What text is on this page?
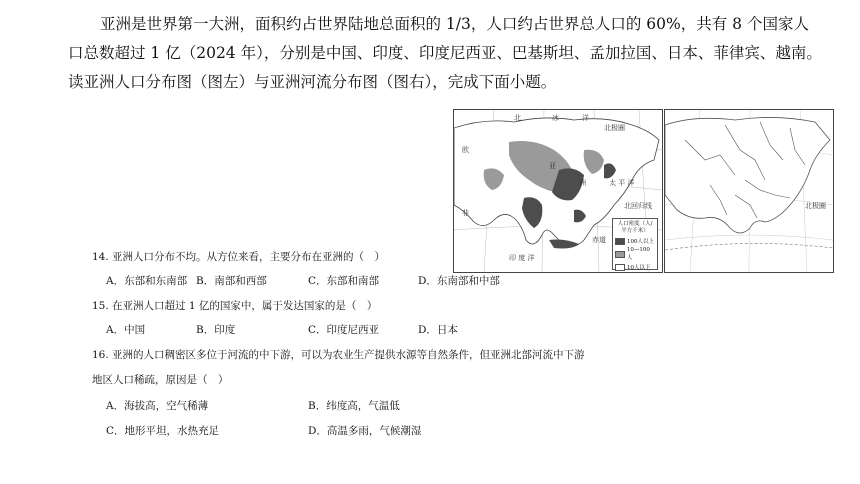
亚洲是世界第一大洲，面积约占世界陆地总面积的 1/3，人口约占世界总人口的 60%，共有 8 个国家人

口总数超过 1 亿（2024 年），分别是中国、印度、印度尼西亚、巴基斯坦、孟加拉国、日本、菲律宾、越南。

读亚洲人口分布图（图左）与亚洲河流分布图（图右），完成下面小题。

北	冰	洋
北极圈
欧
亚
洲
非
北回归线
太 平 洋
印 度 洋
赤道
人口密度（人/平方千米）
100人以上
10—100人
10人以下
北极圈
14. 亚洲人口分布不均。从方位来看，主要分布在亚洲的（　）
A．东部和东南部 B．南部和西部	C．东部和南部	D．东南部和中部
15. 在亚洲人口超过 1 亿的国家中，属于发达国家的是（　）
A．中国	B．印度	C．印度尼西亚	D．日本
16. 亚洲的人口稠密区多位于河流的中下游，可以为农业生产提供水源等自然条件，但亚洲北部河流中下游
地区人口稀疏，原因是（　）
A．海拔高，空气稀薄	B．纬度高，气温低
C．地形平坦，水热充足	D．高温多雨，气候潮湿
